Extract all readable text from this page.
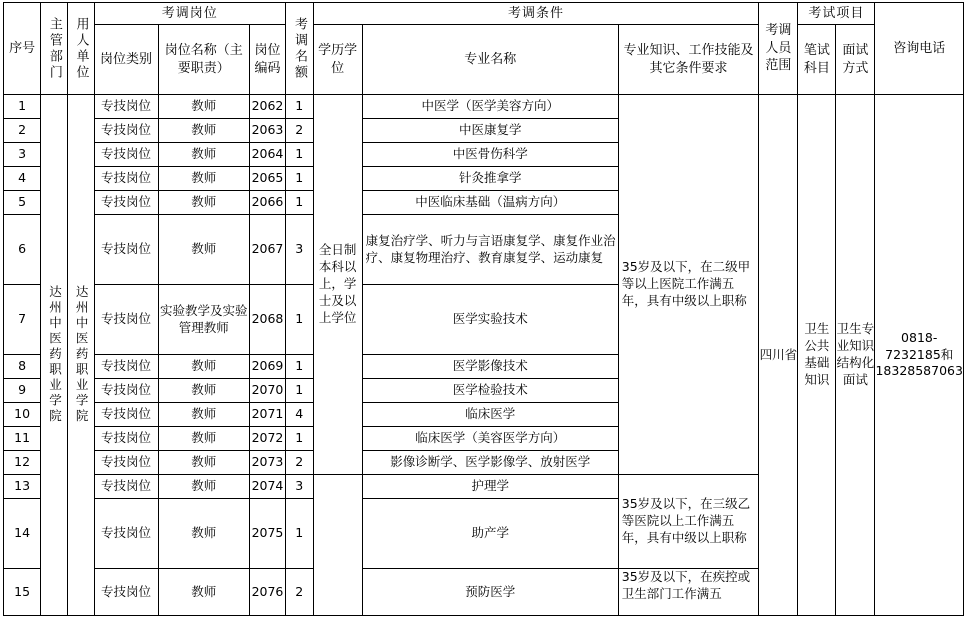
序号	主管部门	用人单位	考调岗位			考调名额	考调条件			考调人员范围	考试项目		咨询电话
			岗位类别	岗位名称（主要职责）	岗位编码		学历学位	专业名称	专业知识、工作技能及其它条件要求		笔试科目	面试方式	
1	达州中医药职业学院	达州中医药职业学院	专技岗位	教师	2062	1	全日制本科以上，学士及以上学位	中医学（医学美容方向）	35岁及以下，在二级甲等以上医院工作满五年，具有中级以上职称	四川省	卫生公共基础知识	卫生专业知识结构化面试	0818-7232185和18328587063
2			专技岗位	教师	2063	2		中医康复学					
3			专技岗位	教师	2064	1		中医骨伤科学					
4			专技岗位	教师	2065	1		针灸推拿学					
5			专技岗位	教师	2066	1		中医临床基础（温病方向）					
6			专技岗位	教师	2067	3		康复治疗学、听力与言语康复学、康复作业治疗、康复物理治疗、教育康复学、运动康复					
7			专技岗位	实验教学及实验管理教师	2068	1		医学实验技术					
8			专技岗位	教师	2069	1		医学影像技术					
9			专技岗位	教师	2070	1		医学检验技术					
10			专技岗位	教师	2071	4		临床医学					
11			专技岗位	教师	2072	1		临床医学（美容医学方向）					
12			专技岗位	教师	2073	2		影像诊断学、医学影像学、放射医学					
13			专技岗位	教师	2074	3		护理学	35岁及以下，在三级乙等医院以上工作满五年，具有中级以上职称				
14			专技岗位	教师	2075	1		助产学					
15			专技岗位	教师	2076	2		预防医学	35岁及以下，在疾控或卫生部门工作满五				
